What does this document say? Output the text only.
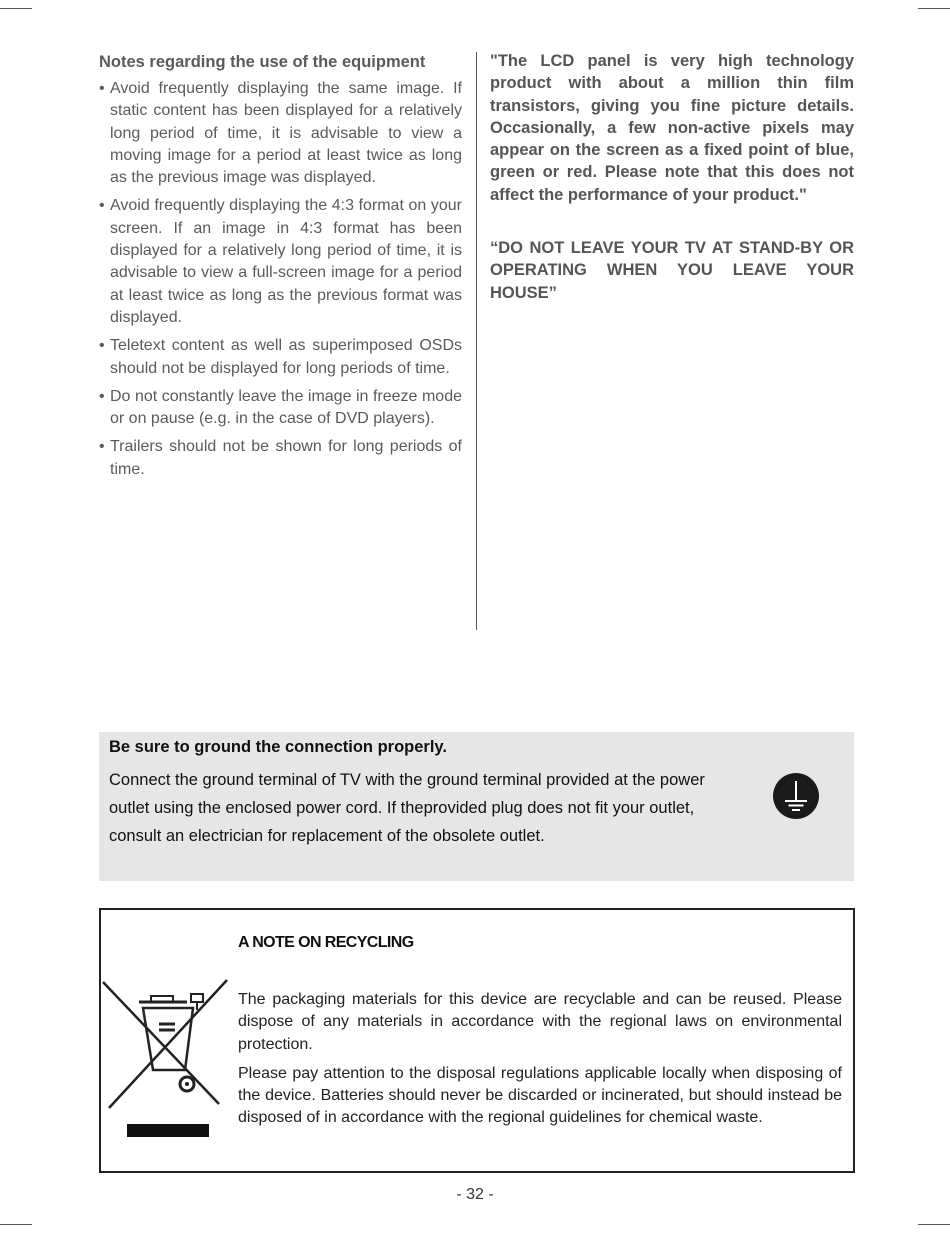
Notes regarding the use of the equipment
• Avoid frequently displaying the same image. If static content has been displayed for a relatively long period of time, it is advisable to view a moving image for a period at least twice as long as the previous image was displayed.
• Avoid frequently displaying the 4:3 format on your screen. If an image in 4:3 format has been displayed for a relatively long period of time, it is advisable to view a full-screen image for a period at least twice as long as the previous format was displayed.
• Teletext content as well as superimposed OSDs should not be displayed for long periods of time.
• Do not constantly leave the image in freeze mode or on pause (e.g. in the case of DVD players).
• Trailers should not be shown for long periods of time.

"The LCD panel is very high technology product with about a million thin film transistors, giving you fine picture details. Occasionally, a few non-active pixels may appear on the screen as a fixed point of blue, green or red. Please note that this does not affect the performance of your product."

“DO NOT LEAVE YOUR TV AT STAND-BY OR OPERATING WHEN YOU LEAVE YOUR HOUSE”

Be sure to ground the connection properly.
Connect the ground terminal of TV with the ground terminal provided at the power outlet using the enclosed power cord. If theprovided plug does not fit your outlet, consult an electrician for replacement of the obsolete outlet.
A NOTE ON RECYCLING

The packaging materials for this device are recyclable and can be reused. Please dispose of any materials in accordance with the regional laws on environmental protection.

Please pay attention to the disposal regulations applicable locally when disposing of the device. Batteries should never be discarded or incinerated, but should instead be disposed of in accordance with the regional guidelines for chemical waste.

- 32 -
